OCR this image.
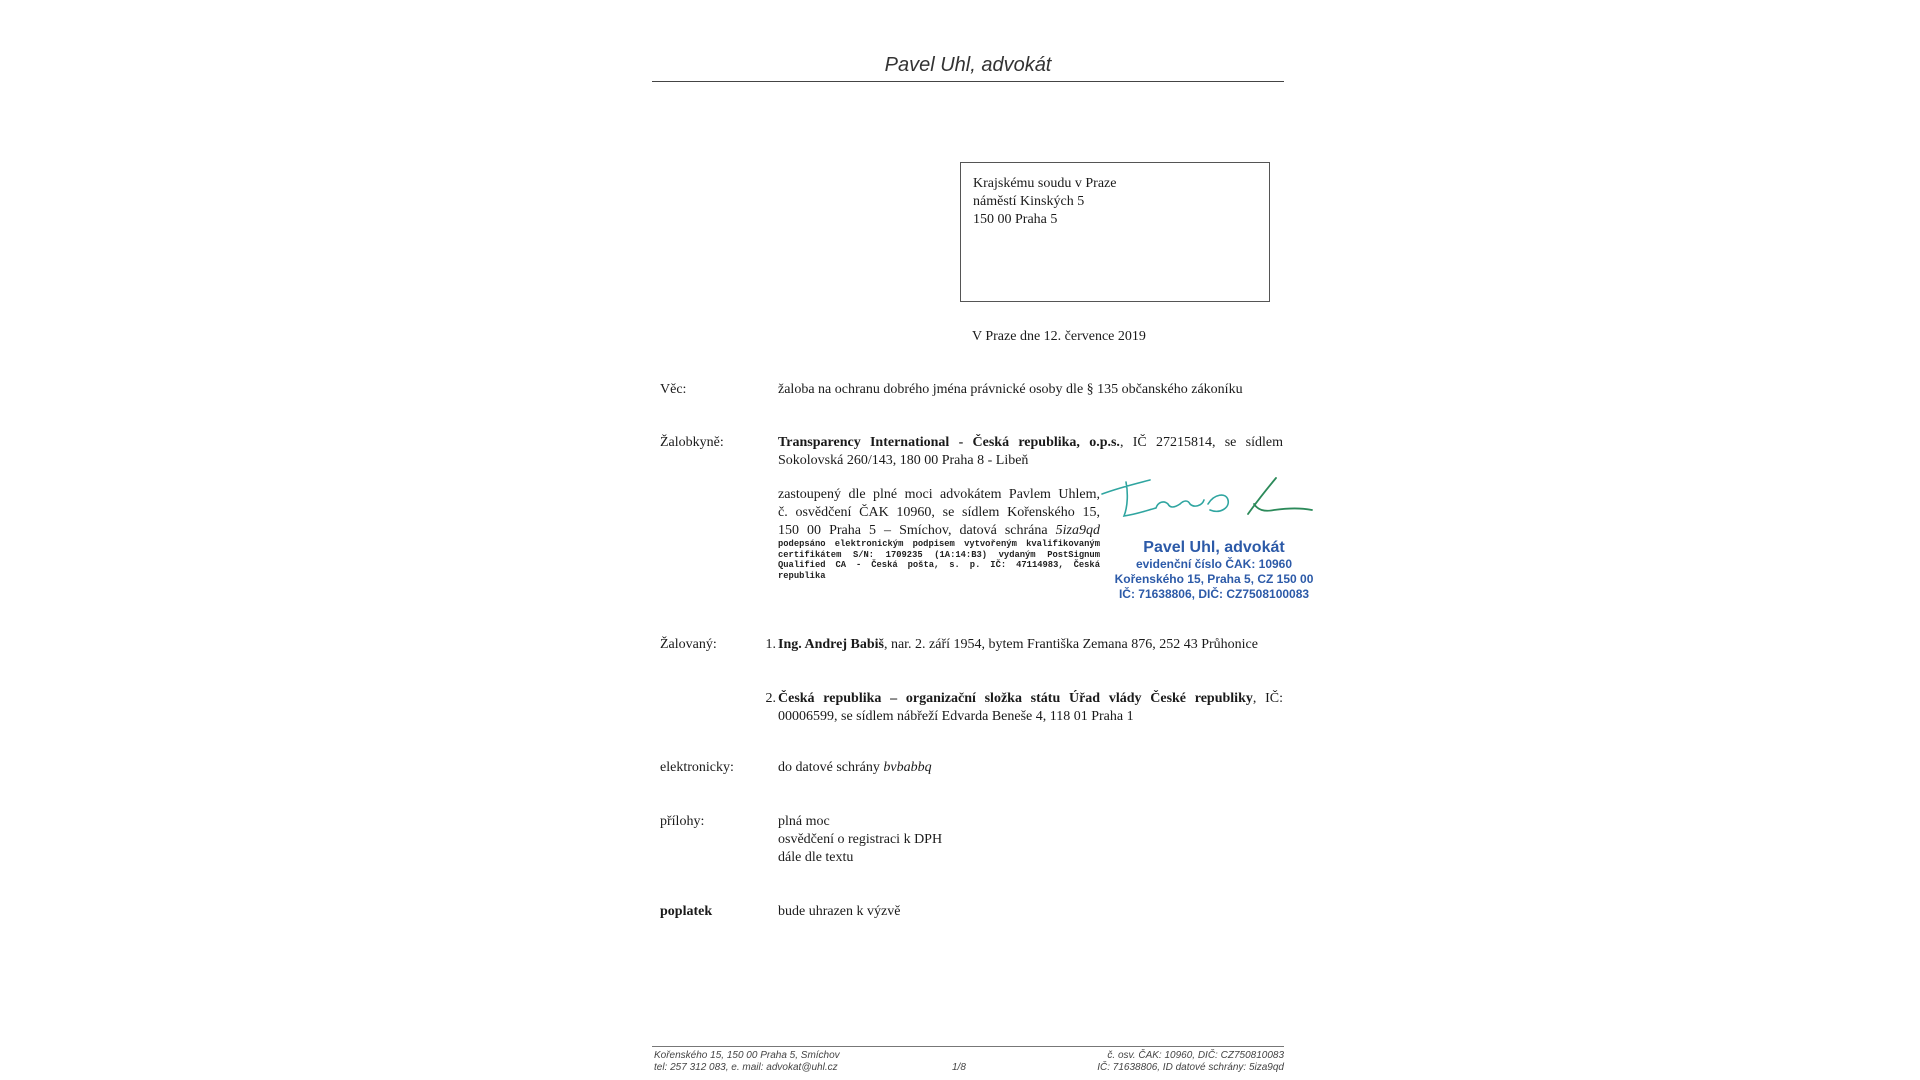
Pavel Uhl, advokát
Krajskému soudu v Praze
náměstí Kinských 5
150 00 Praha 5
V Praze dne 12. července 2019
Věc:	žaloba na ochranu dobrého jména právnické osoby dle § 135 občanského zákoníku
Žalobkyně:	Transparency International - Česká republika, o.p.s., IČ 27215814, se sídlem Sokolovská 260/143, 180 00 Praha 8 - Libeň
zastoupený dle plné moci advokátem Pavlem Uhlem,
č. osvědčení ČAK 10960, se sídlem Kořenského 15,
150 00 Praha 5 – Smíchov, datová schrána 5iza9qd
podepsáno elektronickým podpisem vytvořeným kvalifikovaným certifikátem S/N: 1709235 (1A:14:B3) vydaným PostSignum Qualified CA - Česká pošta, s. p. IČ: 47114983, Česká republika
Pavel Uhl, advokát
evidenční číslo ČAK: 10960
Kořenského 15, Praha 5, CZ 150 00
IČ: 71638806, DIČ: CZ7508100083
Žalovaný:	1. Ing. Andrej Babiš, nar. 2. září 1954, bytem Františka Zemana 876, 252 43 Průhonice
2. Česká republika – organizační složka státu Úřad vlády České republiky, IČ: 00006599, se sídlem nábřeží Edvarda Beneše 4, 118 01 Praha 1
elektronicky:	do datové schrány bvbabbq
přílohy:	plná moc
osvědčení o registraci k DPH
dále dle textu
poplatek	bude uhrazen k výzvě
Kořenského 15, 150 00 Praha 5, Smíchov
tel: 257 312 083, e. mail: advokat@uhl.cz	1/8
č. osv. ČAK: 10960, DIČ: CZ750810083
IČ: 71638806, ID datové schrány: 5iza9qd
